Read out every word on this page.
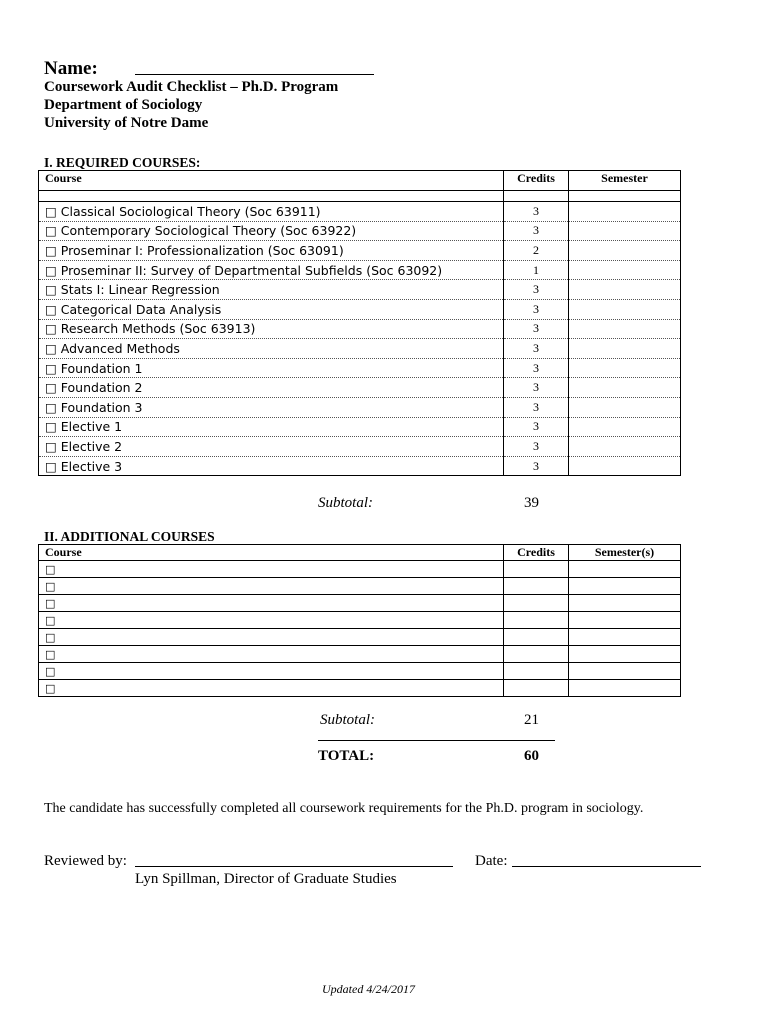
Name:
Coursework Audit Checklist – Ph.D. Program
Department of Sociology
University of Notre Dame
I. REQUIRED COURSES:
Course	Credits	Semester

□ Classical Sociological Theory (Soc 63911)	3	
□ Contemporary Sociological Theory (Soc 63922)	3	
□ Proseminar I: Professionalization (Soc 63091)	2	
□ Proseminar II: Survey of Departmental Subfields (Soc 63092)	1	
□ Stats I: Linear Regression	3	
□ Categorical Data Analysis	3	
□ Research Methods (Soc 63913)	3	
□ Advanced Methods	3	
□ Foundation 1	3	
□ Foundation 2	3	
□ Foundation 3	3	
□ Elective 1	3	
□ Elective 2	3	
□ Elective 3	3	
Subtotal:	39
II. ADDITIONAL COURSES
Course	Credits	Semester(s)
□		
□		
□		
□		
□		
□		
□		
□		
Subtotal:	21
TOTAL:	60
The candidate has successfully completed all coursework requirements for the Ph.D. program in sociology.
Reviewed by:	Date:
Lyn Spillman, Director of Graduate Studies
Updated 4/24/2017
